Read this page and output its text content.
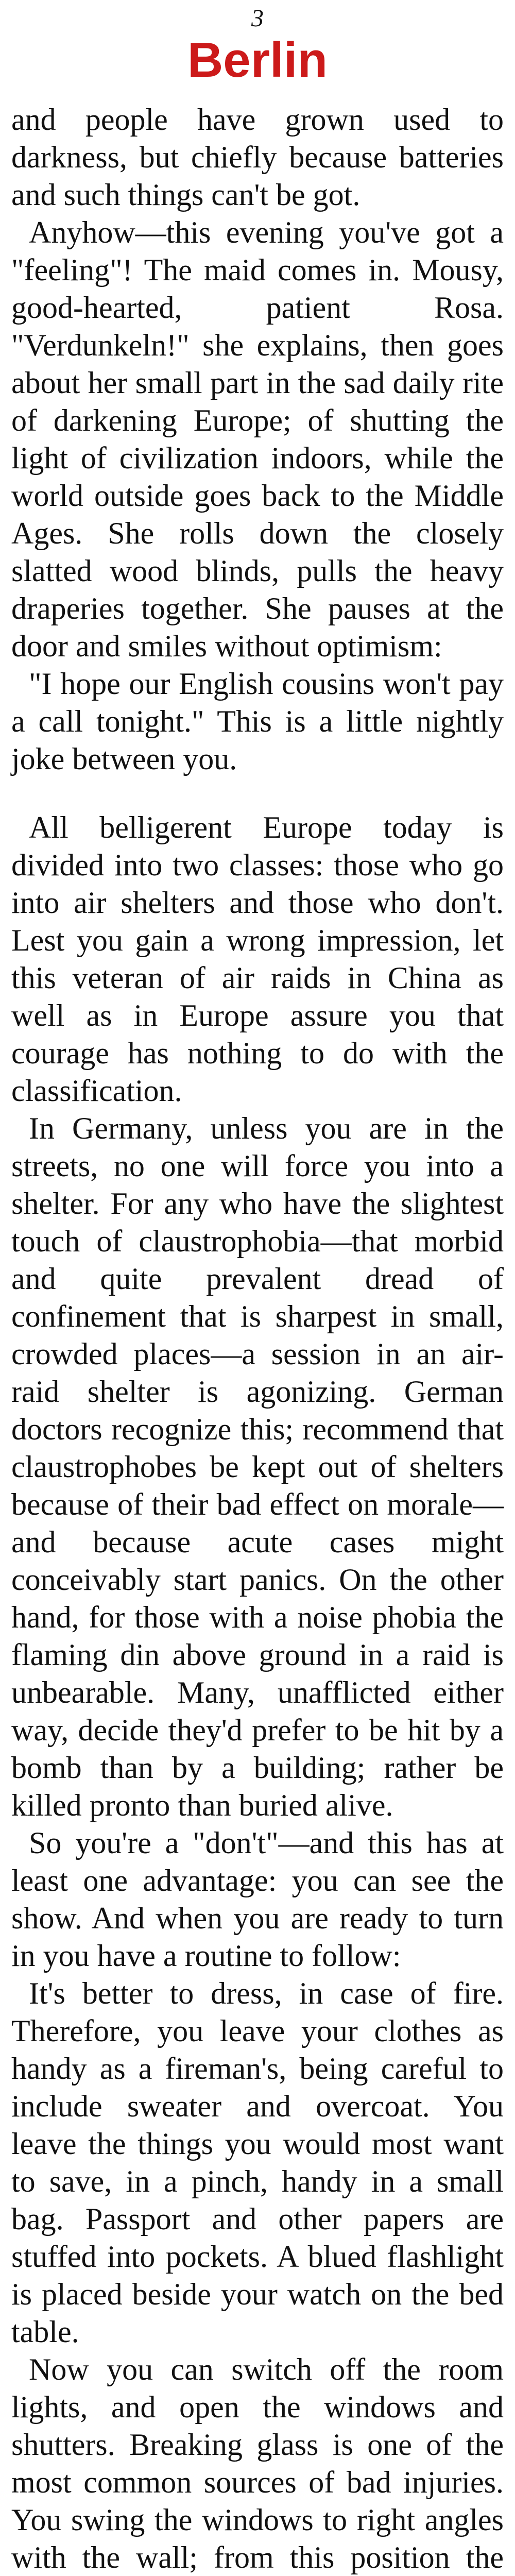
3
Berlin

and people have grown used to darkness, but chiefly because batteries and such things can't be got.

Anyhow—this evening you've got a "feeling"! The maid comes in. Mousy, good-hearted, patient Rosa. "Verdunkeln!" she explains, then goes about her small part in the sad daily rite of darkening Europe; of shutting the light of civilization indoors, while the world outside goes back to the Middle Ages. She rolls down the closely slatted wood blinds, pulls the heavy draperies together. She pauses at the door and smiles without optimism:

"I hope our English cousins won't pay a call tonight." This is a little nightly joke between you.

All belligerent Europe today is divided into two classes: those who go into air shelters and those who don't. Lest you gain a wrong impression, let this veteran of air raids in China as well as in Europe assure you that courage has nothing to do with the classification.

In Germany, unless you are in the streets, no one will force you into a shelter. For any who have the slightest touch of claustrophobia—that morbid and quite prevalent dread of confinement that is sharpest in small, crowded places—a session in an air-raid shelter is agonizing. German doctors recognize this; recommend that claustrophobes be kept out of shelters because of their bad effect on morale—and because acute cases might conceivably start panics. On the other hand, for those with a noise phobia the flaming din above ground in a raid is unbearable. Many, unafflicted either way, decide they'd prefer to be hit by a bomb than by a building; rather be killed pronto than buried alive.

So you're a "don't"—and this has at least one advantage: you can see the show. And when you are ready to turn in you have a routine to follow:

It's better to dress, in case of fire. Therefore, you leave your clothes as handy as a fireman's, being careful to include sweater and overcoat. You leave the things you would most want to save, in a pinch, handy in a small bag. Passport and other papers are stuffed into pockets. A blued flashlight is placed beside your watch on the bed table.

Now you can switch off the room lights, and open the windows and shutters. Breaking glass is one of the most common sources of bad injuries. You swing the windows to right angles with the wall; from this position the
